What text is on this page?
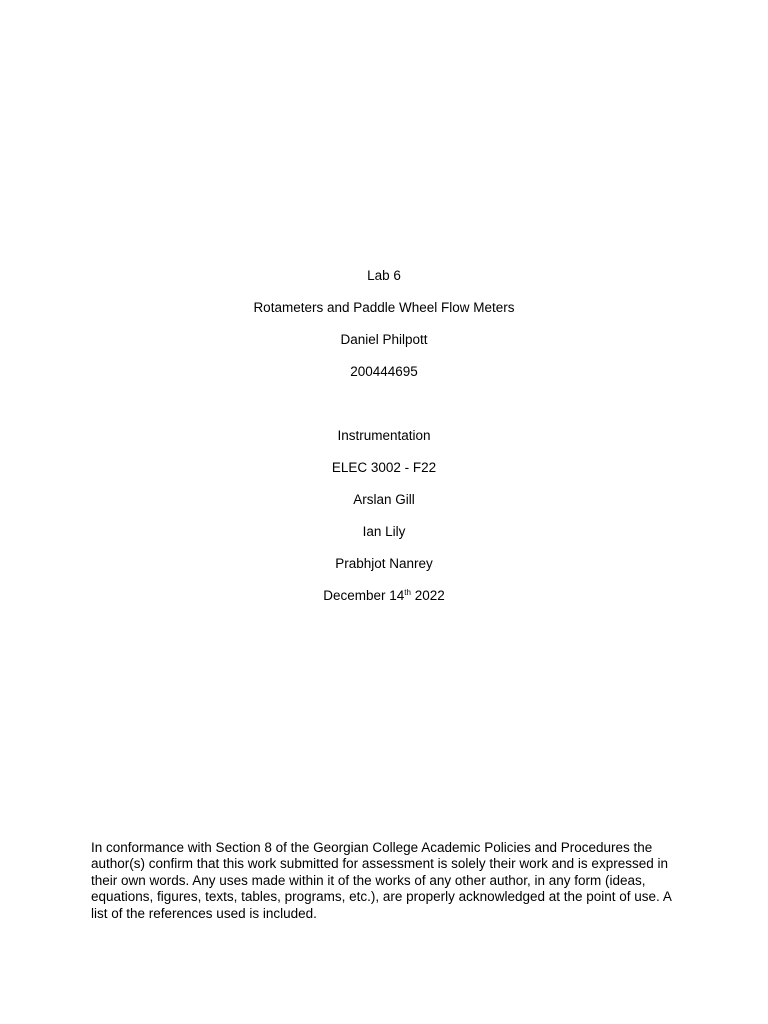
Lab 6
Rotameters and Paddle Wheel Flow Meters
Daniel Philpott
200444695
Instrumentation
ELEC 3002 - F22
Arslan Gill
Ian Lily
Prabhjot Nanrey
December 14th 2022

In conformance with Section 8 of the Georgian College Academic Policies and Procedures the author(s) confirm that this work submitted for assessment is solely their work and is expressed in their own words. Any uses made within it of the works of any other author, in any form (ideas, equations, figures, texts, tables, programs, etc.), are properly acknowledged at the point of use. A list of the references used is included.
